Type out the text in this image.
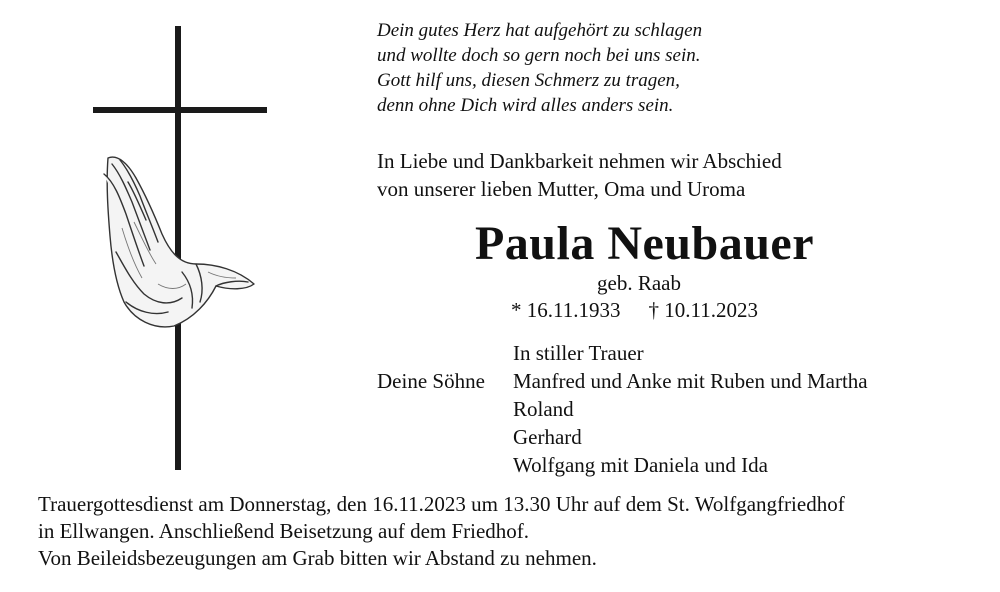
Dein gutes Herz hat aufgehört zu schlagen
und wollte doch so gern noch bei uns sein.
Gott hilf uns, diesen Schmerz zu tragen,
denn ohne Dich wird alles anders sein.
In Liebe und Dankbarkeit nehmen wir Abschied
von unserer lieben Mutter, Oma und Uroma
Paula Neubauer
geb. Raab
* 16.11.1933 † 10.11.2023
Deine Söhne
In stiller Trauer
Manfred und Anke mit Ruben und Martha
Roland
Gerhard
Wolfgang mit Daniela und Ida
Trauergottesdienst am Donnerstag, den 16.11.2023 um 13.30 Uhr auf dem St. Wolfgangfriedhof
in Ellwangen. Anschließend Beisetzung auf dem Friedhof.
Von Beileidsbezeugungen am Grab bitten wir Abstand zu nehmen.
